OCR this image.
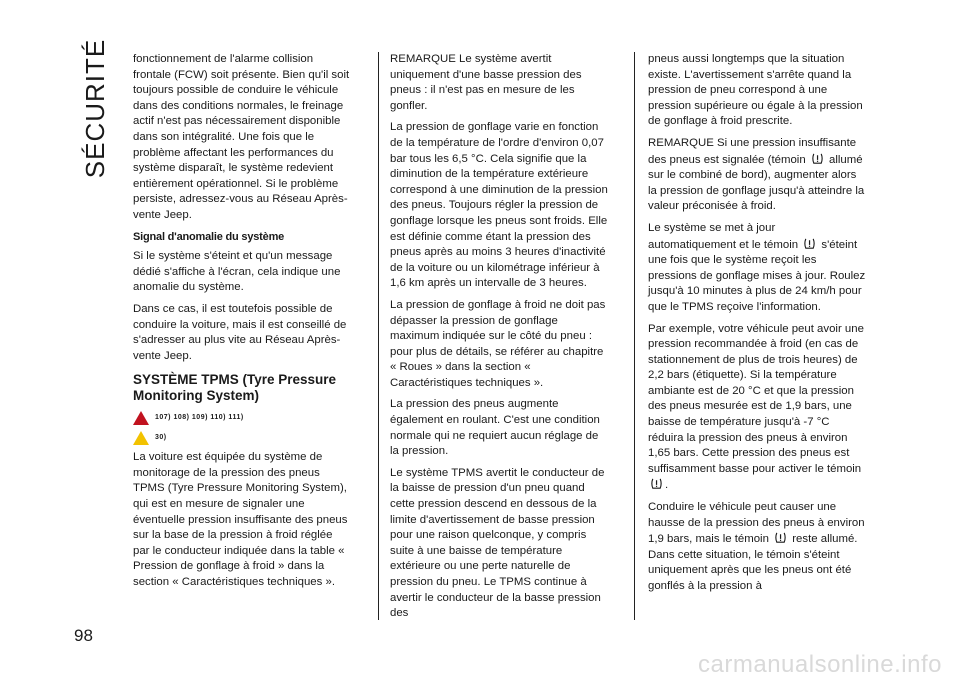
SÉCURITÉ fonctionnement de l'alarme collision frontale (FCW) soit présente. Bien qu'il soit toujours possible de conduire le véhicule dans des conditions normales, le freinage actif n'est pas nécessairement disponible dans son intégralité. Une fois que le problème affectant les performances du système disparaît, le système redevient entièrement opérationnel. Si le problème persiste, adressez-vous au Réseau Après-vente Jeep.

Signal d'anomalie du système

Si le système s'éteint et qu'un message dédié s'affiche à l'écran, cela indique une anomalie du système.

Dans ce cas, il est toutefois possible de conduire la voiture, mais il est conseillé de s'adresser au plus vite au Réseau Après-vente Jeep.

SYSTÈME TPMS (Tyre Pressure Monitoring System)
107) 108) 109) 110) 111)
30)

La voiture est équipée du système de monitorage de la pression des pneus TPMS (Tyre Pressure Monitoring System), qui est en mesure de signaler une éventuelle pression insuffisante des pneus sur la base de la pression à froid réglée par le conducteur indiquée dans la table « Pression de gonflage à froid » dans la section « Caractéristiques techniques ».

REMARQUE Le système avertit uniquement d'une basse pression des pneus : il n'est pas en mesure de les gonfler.

La pression de gonflage varie en fonction de la température de l'ordre d'environ 0,07 bar tous les 6,5 °C. Cela signifie que la diminution de la température extérieure correspond à une diminution de la pression des pneus. Toujours régler la pression de gonflage lorsque les pneus sont froids. Elle est définie comme étant la pression des pneus après au moins 3 heures d'inactivité de la voiture ou un kilométrage inférieur à 1,6 km après un intervalle de 3 heures.

La pression de gonflage à froid ne doit pas dépasser la pression de gonflage maximum indiquée sur le côté du pneu : pour plus de détails, se référer au chapitre « Roues » dans la section « Caractéristiques techniques ».

La pression des pneus augmente également en roulant. C'est une condition normale qui ne requiert aucun réglage de la pression.

Le système TPMS avertit le conducteur de la baisse de pression d'un pneu quand cette pression descend en dessous de la limite d'avertissement de basse pression pour une raison quelconque, y compris suite à une baisse de température extérieure ou une perte naturelle de pression du pneu. Le TPMS continue à avertir le conducteur de la basse pression des

pneus aussi longtemps que la situation existe. L'avertissement s'arrête quand la pression de pneu correspond à une pression supérieure ou égale à la pression de gonflage à froid prescrite.

REMARQUE Si une pression insuffisante des pneus est signalée (témoin allumé sur le combiné de bord), augmenter alors la pression de gonflage jusqu'à atteindre la valeur préconisée à froid.

Le système se met à jour automatiquement et le témoin s'éteint une fois que le système reçoit les pressions de gonflage mises à jour. Roulez jusqu'à 10 minutes à plus de 24 km/h pour que le TPMS reçoive l'information.

Par exemple, votre véhicule peut avoir une pression recommandée à froid (en cas de stationnement de plus de trois heures) de 2,2 bars (étiquette). Si la température ambiante est de 20 °C et que la pression des pneus mesurée est de 1,9 bars, une baisse de température jusqu'à -7 °C réduira la pression des pneus à environ 1,65 bars. Cette pression des pneus est suffisamment basse pour activer le témoin .

Conduire le véhicule peut causer une hausse de la pression des pneus à environ 1,9 bars, mais le témoin reste allumé. Dans cette situation, le témoin s'éteint uniquement après que les pneus ont été gonflés à la pression à

98
carmanualsonline.info
